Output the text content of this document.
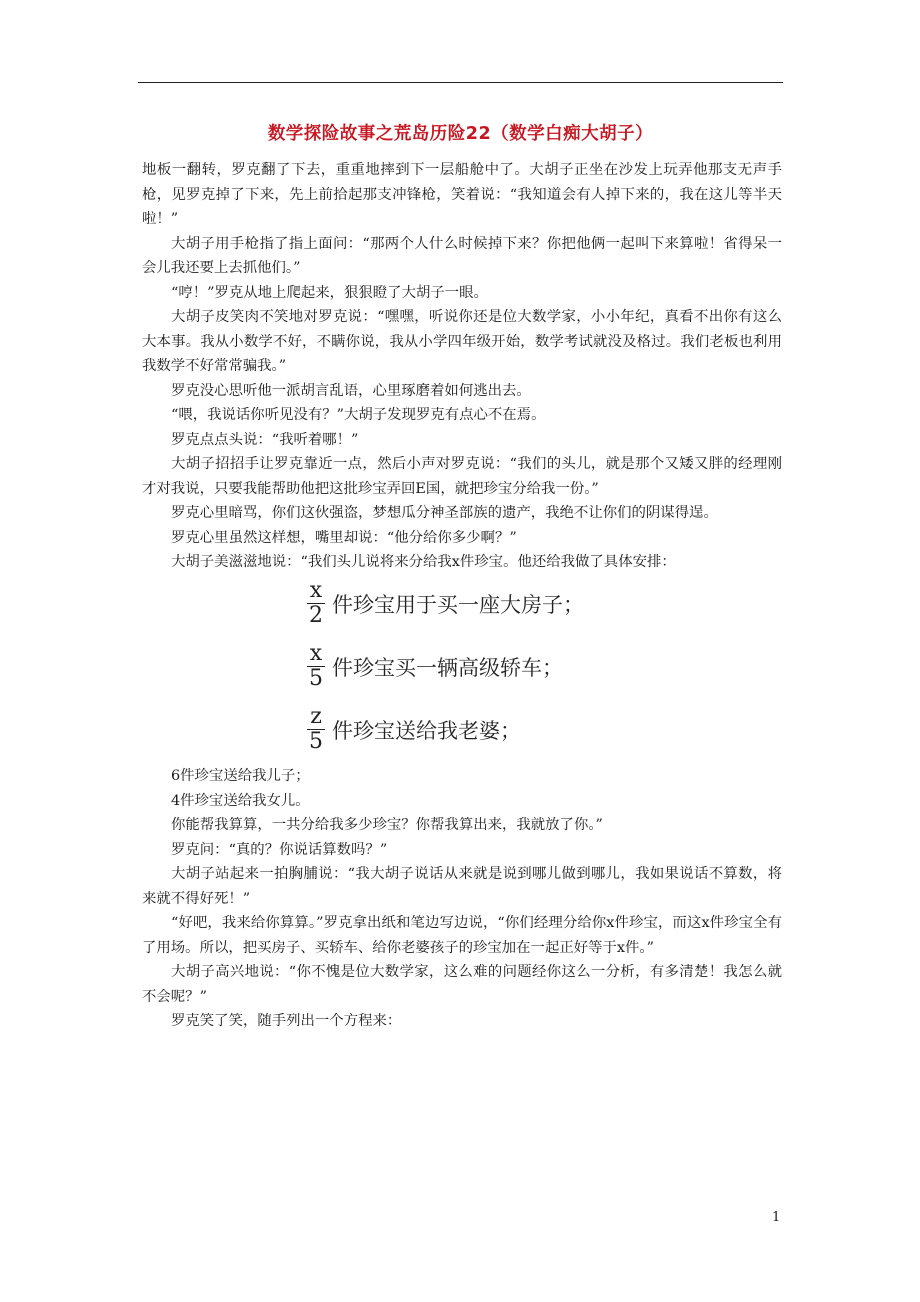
数学探险故事之荒岛历险22（数学白痴大胡子）

地板一翻转，罗克翻了下去，重重地摔到下一层船舱中了。大胡子正坐在沙发上玩弄他那支无声手枪，见罗克掉了下来，先上前拾起那支冲锋枪，笑着说：“我知道会有人掉下来的，我在这儿等半天啦！”

大胡子用手枪指了指上面问：“那两个人什么时候掉下来？你把他俩一起叫下来算啦！省得呆一会儿我还要上去抓他们。”

“哼！”罗克从地上爬起来，狠狠瞪了大胡子一眼。

大胡子皮笑肉不笑地对罗克说：“嘿嘿，听说你还是位大数学家，小小年纪，真看不出你有这么大本事。我从小数学不好，不瞒你说，我从小学四年级开始，数学考试就没及格过。我们老板也利用我数学不好常常骗我。”

罗克没心思听他一派胡言乱语，心里琢磨着如何逃出去。

“喂，我说话你听见没有？”大胡子发现罗克有点心不在焉。

罗克点点头说：“我听着哪！”

大胡子招招手让罗克靠近一点，然后小声对罗克说：“我们的头儿，就是那个又矮又胖的经理刚才对我说，只要我能帮助他把这批珍宝弄回E国，就把珍宝分给我一份。”

罗克心里暗骂，你们这伙强盗，梦想瓜分神圣部族的遗产，我绝不让你们的阴谋得逞。

罗克心里虽然这样想，嘴里却说：“他分给你多少啊？”

大胡子美滋滋地说：“我们头儿说将来分给我x件珍宝。他还给我做了具体安排：

$\frac{x}{2}$ 件珍宝用于买一座大房子；
$\frac{x}{5}$ 件珍宝买一辆高级轿车；
$\frac{z}{5}$ 件珍宝送给我老婆；

6件珍宝送给我儿子；

4件珍宝送给我女儿。

你能帮我算算，一共分给我多少珍宝？你帮我算出来，我就放了你。”

罗克问：“真的？你说话算数吗？”

大胡子站起来一拍胸脯说：“我大胡子说话从来就是说到哪儿做到哪儿，我如果说话不算数，将来就不得好死！”

“好吧，我来给你算算。”罗克拿出纸和笔边写边说，“你们经理分给你x件珍宝，而这x件珍宝全有了用场。所以，把买房子、买轿车、给你老婆孩子的珍宝加在一起正好等于x件。”

大胡子高兴地说：“你不愧是位大数学家，这么难的问题经你这么一分析，有多清楚！我怎么就不会呢？”

罗克笑了笑，随手列出一个方程来：

1
